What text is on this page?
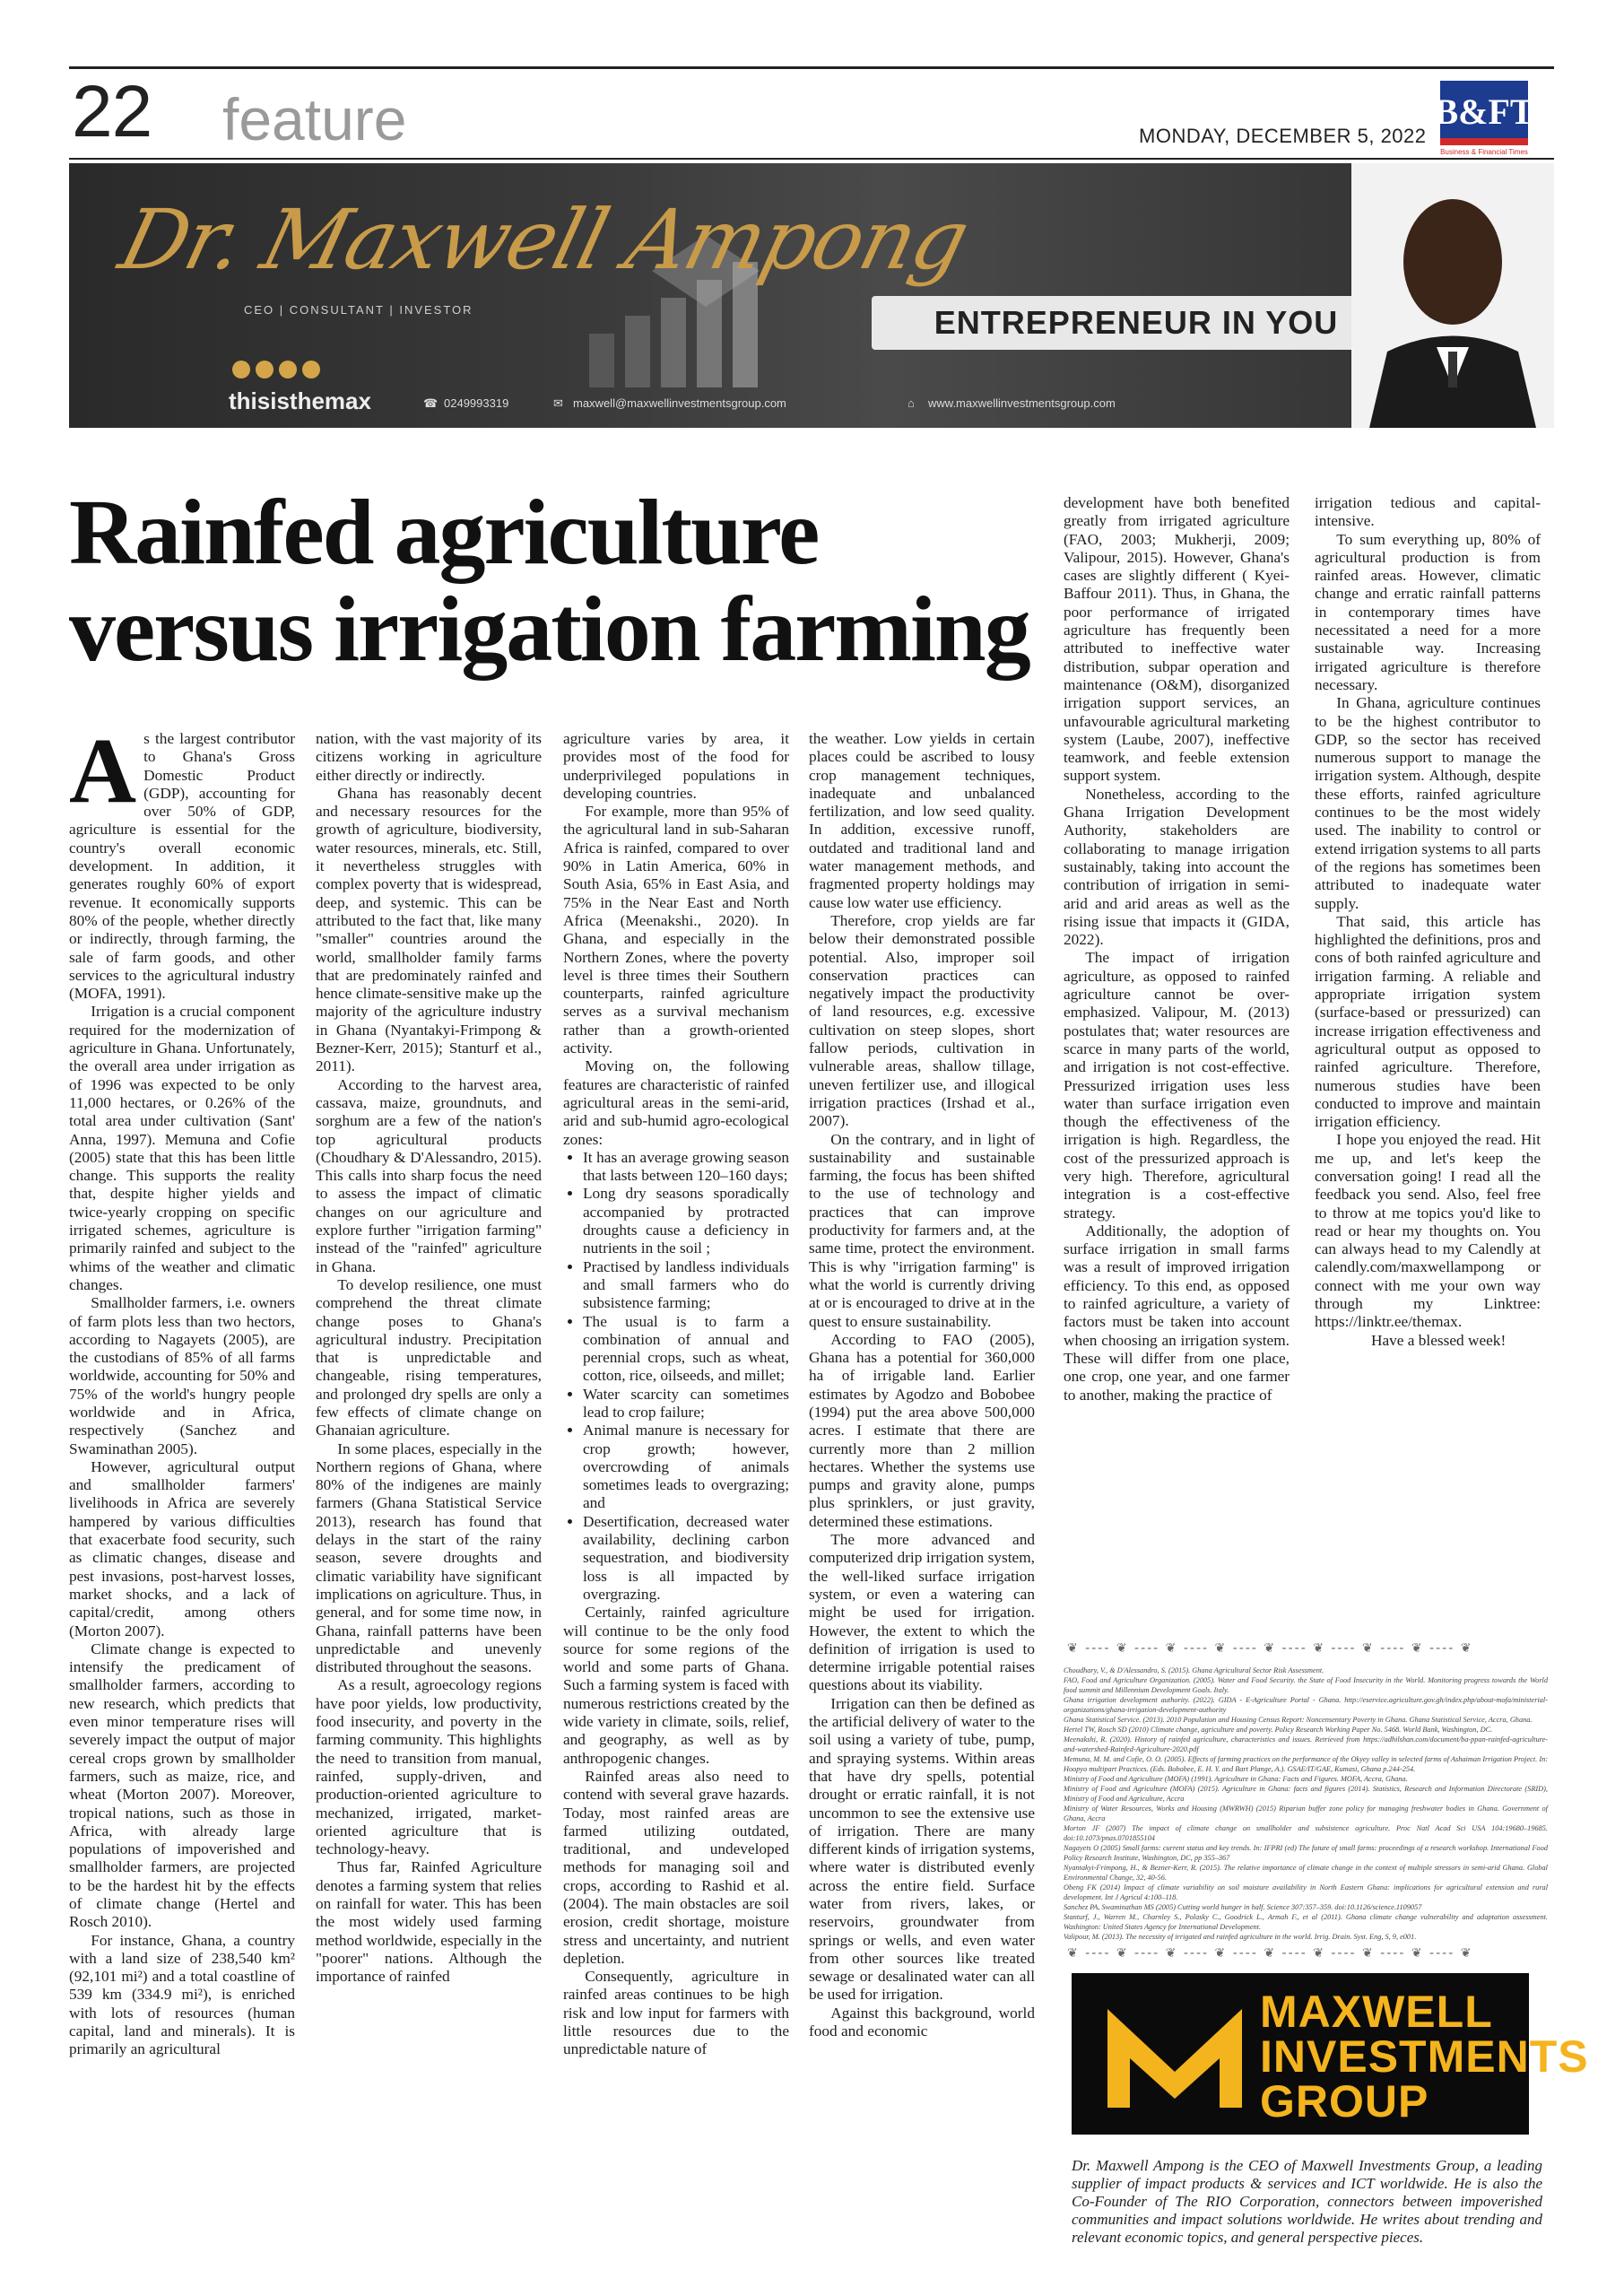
22 feature	MONDAY, DECEMBER 5, 2022
B&FT
Business & Financial Times
Dr. Maxwell Ampong
CEO | CONSULTANT | INVESTOR
thisisthemax	☎ 0249993319	✉ maxwell@maxwellinvestmentsgroup.com	⌂ www.maxwellinvestmentsgroup.com
ENTREPRENEUR IN YOU
Rainfed agriculture
versus irrigation farming

As the largest contributor to Ghana's Gross Domestic Product (GDP), accounting for over 50% of GDP, agriculture is essential for the country's overall economic development. In addition, it generates roughly 60% of export revenue. It economically supports 80% of the people, whether directly or indirectly, through farming, the sale of farm goods, and other services to the agricultural industry (MOFA, 1991).

Irrigation is a crucial component required for the modernization of agriculture in Ghana. Unfortunately, the overall area under irrigation as of 1996 was expected to be only 11,000 hectares, or 0.26% of the total area under cultivation (Sant' Anna, 1997). Memuna and Cofie (2005) state that this has been little change. This supports the reality that, despite higher yields and twice-yearly cropping on specific irrigated schemes, agriculture is primarily rainfed and subject to the whims of the weather and climatic changes.

Smallholder farmers, i.e. owners of farm plots less than two hectors, according to Nagayets (2005), are the custodians of 85% of all farms worldwide, accounting for 50% and 75% of the world's hungry people worldwide and in Africa, respectively (Sanchez and Swaminathan 2005).

However, agricultural output and smallholder farmers' livelihoods in Africa are severely hampered by various difficulties that exacerbate food security, such as climatic changes, disease and pest invasions, post-harvest losses, market shocks, and a lack of capital/credit, among others (Morton 2007).

Climate change is expected to intensify the predicament of smallholder farmers, according to new research, which predicts that even minor temperature rises will severely impact the output of major cereal crops grown by smallholder farmers, such as maize, rice, and wheat (Morton 2007). Moreover, tropical nations, such as those in Africa, with already large populations of impoverished and smallholder farmers, are projected to be the hardest hit by the effects of climate change (Hertel and Rosch 2010).

For instance, Ghana, a country with a land size of 238,540 km² (92,101 mi²) and a total coastline of 539 km (334.9 mi²), is enriched with lots of resources (human capital, land and minerals). It is primarily an agricultural

nation, with the vast majority of its citizens working in agriculture either directly or indirectly.

Ghana has reasonably decent and necessary resources for the growth of agriculture, biodiversity, water resources, minerals, etc. Still, it nevertheless struggles with complex poverty that is widespread, deep, and systemic. This can be attributed to the fact that, like many "smaller" countries around the world, smallholder family farms that are predominately rainfed and hence climate-sensitive make up the majority of the agriculture industry in Ghana (Nyantakyi-Frimpong & Bezner-Kerr, 2015); Stanturf et al., 2011).

According to the harvest area, cassava, maize, groundnuts, and sorghum are a few of the nation's top agricultural products (Choudhary & D'Alessandro, 2015). This calls into sharp focus the need to assess the impact of climatic changes on our agriculture and explore further "irrigation farming" instead of the "rainfed" agriculture in Ghana.

To develop resilience, one must comprehend the threat climate change poses to Ghana's agricultural industry. Precipitation that is unpredictable and changeable, rising temperatures, and prolonged dry spells are only a few effects of climate change on Ghanaian agriculture.

In some places, especially in the Northern regions of Ghana, where 80% of the indigenes are mainly farmers (Ghana Statistical Service 2013), research has found that delays in the start of the rainy season, severe droughts and climatic variability have significant implications on agriculture. Thus, in general, and for some time now, in Ghana, rainfall patterns have been unpredictable and unevenly distributed throughout the seasons.

As a result, agroecology regions have poor yields, low productivity, food insecurity, and poverty in the farming community. This highlights the need to transition from manual, rainfed, supply-driven, and production-oriented agriculture to mechanized, irrigated, market-oriented agriculture that is technology-heavy.

Thus far, Rainfed Agriculture denotes a farming system that relies on rainfall for water. This has been the most widely used farming method worldwide, especially in the "poorer" nations. Although the importance of rainfed

agriculture varies by area, it provides most of the food for underprivileged populations in developing countries.

For example, more than 95% of the agricultural land in sub-Saharan Africa is rainfed, compared to over 90% in Latin America, 60% in South Asia, 65% in East Asia, and 75% in the Near East and North Africa (Meenakshi., 2020). In Ghana, and especially in the Northern Zones, where the poverty level is three times their Southern counterparts, rainfed agriculture serves as a survival mechanism rather than a growth-oriented activity.

Moving on, the following features are characteristic of rainfed agricultural areas in the semi-arid, arid and sub-humid agro-ecological zones:

• It has an average growing season that lasts between 120–160 days;
• Long dry seasons sporadically accompanied by protracted droughts cause a deficiency in nutrients in the soil ;
• Practised by landless individuals and small farmers who do subsistence farming;
• The usual is to farm a combination of annual and perennial crops, such as wheat, cotton, rice, oilseeds, and millet;
• Water scarcity can sometimes lead to crop failure;
• Animal manure is necessary for crop growth; however, overcrowding of animals sometimes leads to overgrazing; and
• Desertification, decreased water availability, declining carbon sequestration, and biodiversity loss is all impacted by overgrazing.

Certainly, rainfed agriculture will continue to be the only food source for some regions of the world and some parts of Ghana. Such a farming system is faced with numerous restrictions created by the wide variety in climate, soils, relief, and geography, as well as by anthropogenic changes.

Rainfed areas also need to contend with several grave hazards. Today, most rainfed areas are farmed utilizing outdated, traditional, and undeveloped methods for managing soil and crops, according to Rashid et al. (2004). The main obstacles are soil erosion, credit shortage, moisture stress and uncertainty, and nutrient depletion.

Consequently, agriculture in rainfed areas continues to be high risk and low input for farmers with little resources due to the unpredictable nature of

the weather. Low yields in certain places could be ascribed to lousy crop management techniques, inadequate and unbalanced fertilization, and low seed quality. In addition, excessive runoff, outdated and traditional land and water management methods, and fragmented property holdings may cause low water use efficiency.

Therefore, crop yields are far below their demonstrated possible potential. Also, improper soil conservation practices can negatively impact the productivity of land resources, e.g. excessive cultivation on steep slopes, short fallow periods, cultivation in vulnerable areas, shallow tillage, uneven fertilizer use, and illogical irrigation practices (Irshad et al., 2007).

On the contrary, and in light of sustainability and sustainable farming, the focus has been shifted to the use of technology and practices that can improve productivity for farmers and, at the same time, protect the environment. This is why "irrigation farming" is what the world is currently driving at or is encouraged to drive at in the quest to ensure sustainability.

According to FAO (2005), Ghana has a potential for 360,000 ha of irrigable land. Earlier estimates by Agodzo and Bobobee (1994) put the area above 500,000 acres. I estimate that there are currently more than 2 million hectares. Whether the systems use pumps and gravity alone, pumps plus sprinklers, or just gravity, determined these estimations.

The more advanced and computerized drip irrigation system, the well-liked surface irrigation system, or even a watering can might be used for irrigation. However, the extent to which the definition of irrigation is used to determine irrigable potential raises questions about its viability.

Irrigation can then be defined as the artificial delivery of water to the soil using a variety of tube, pump, and spraying systems. Within areas that have dry spells, potential drought or erratic rainfall, it is not uncommon to see the extensive use of irrigation. There are many different kinds of irrigation systems, where water is distributed evenly across the entire field. Surface water from rivers, lakes, or reservoirs, groundwater from springs or wells, and even water from other sources like treated sewage or desalinated water can all be used for irrigation.

Against this background, world food and economic

development have both benefited greatly from irrigated agriculture (FAO, 2003; Mukherji, 2009; Valipour, 2015). However, Ghana's cases are slightly different ( Kyei-Baffour 2011). Thus, in Ghana, the poor performance of irrigated agriculture has frequently been attributed to ineffective water distribution, subpar operation and maintenance (O&M), disorganized irrigation support services, an unfavourable agricultural marketing system (Laube, 2007), ineffective teamwork, and feeble extension support system.

Nonetheless, according to the Ghana Irrigation Development Authority, stakeholders are collaborating to manage irrigation sustainably, taking into account the contribution of irrigation in semi-arid and arid areas as well as the rising issue that impacts it (GIDA, 2022).

The impact of irrigation agriculture, as opposed to rainfed agriculture cannot be over-emphasized. Valipour, M. (2013) postulates that; water resources are scarce in many parts of the world, and irrigation is not cost-effective. Pressurized irrigation uses less water than surface irrigation even though the effectiveness of the irrigation is high. Regardless, the cost of the pressurized approach is very high. Therefore, agricultural integration is a cost-effective strategy.

Additionally, the adoption of surface irrigation in small farms was a result of improved irrigation efficiency. To this end, as opposed to rainfed agriculture, a variety of factors must be taken into account when choosing an irrigation system. These will differ from one place, one crop, one year, and one farmer to another, making the practice of

irrigation tedious and capital-intensive.

To sum everything up, 80% of agricultural production is from rainfed areas. However, climatic change and erratic rainfall patterns in contemporary times have necessitated a need for a more sustainable way. Increasing irrigated agriculture is therefore necessary.

In Ghana, agriculture continues to be the highest contributor to GDP, so the sector has received numerous support to manage the irrigation system. Although, despite these efforts, rainfed agriculture continues to be the most widely used. The inability to control or extend irrigation systems to all parts of the regions has sometimes been attributed to inadequate water supply.

That said, this article has highlighted the definitions, pros and cons of both rainfed agriculture and irrigation farming. A reliable and appropriate irrigation system (surface-based or pressurized) can increase irrigation effectiveness and agricultural output as opposed to rainfed agriculture. Therefore, numerous studies have been conducted to improve and maintain irrigation efficiency.

I hope you enjoyed the read. Hit me up, and let's keep the conversation going! I read all the feedback you send. Also, feel free to throw at me topics you'd like to read or hear my thoughts on. You can always head to my Calendly at calendly.com/maxwellampong or connect with me your own way through my Linktree: https://linktr.ee/themax.

Have a blessed week!

❦ ---- ❦ ---- ❦ ---- ❦ ---- ❦ ---- ❦ ---- ❦ ---- ❦ ---- ❦

Choudhary, V., & D'Alessandro, S. (2015). Ghana Agricultural Sector Risk Assessment.

FAO, Food and Agriculture Organization. (2005). Water and Food Security. the State of Food Insecurity in the World. Monitoring progress towards the World food summit and Millennium Development Goals. Italy.

Ghana irrigation development authority. (2022). GIDA - E-Agriculture Portal - Ghana. http://eservice.agriculture.gov.gh/index.php/about-mofa/ministerial-organizations/ghana-irrigation-development-authority

Ghana Statistical Service. (2013). 2010 Population and Housing Census Report: Noncensentary Poverty in Ghana. Ghana Statistical Service, Accra, Ghana.

Hertel TW, Rosch SD (2010) Climate change, agriculture and poverty. Policy Research Working Paper No. 5468. World Bank, Washington, DC.

Meenakshi, R. (2020). History of rainfed agriculture, characteristics and issues. Retrieved from https://adhilshan.com/document/ba-ppan-rainfed-agriculture-and-watershed-Rainfed-Agriculture-2020.pdf

Memuna, M. M. and Cofie, O. O. (2005). Effects of farming practices on the performance of the Okyey valley in selected farms of Ashaiman Irrigation Project. In: Hoopyo multipart Practices. (Eds. Bobobee, E. H. Y. and Bart Plange, A.). GSAE/IT/GAE, Kumasi, Ghana p.244-254.

Ministry of Food and Agriculture (MOFA) (1991). Agriculture in Ghana: Facts and Figures. MOFA, Accra, Ghana.

Ministry of Food and Agriculture (MOFA) (2015). Agriculture in Ghana: facts and figures (2014). Statistics, Research and Information Directorate (SRID), Ministry of Food and Agriculture, Accra

Ministry of Water Resources, Works and Housing (MWRWH) (2015) Riparian buffer zone policy for managing freshwater bodies in Ghana. Government of Ghana, Accra

Morton JF (2007) The impact of climate change on smallholder and subsistence agriculture. Proc Natl Acad Sci USA 104:19680–19685. doi:10.1073/pnas.0701855104

Nagayets O (2005) Small farms: current status and key trends. In: IFPRI (ed) The future of small farms: proceedings of a research workshop. International Food Policy Research Institute, Washington, DC, pp 355–367

Nyantakyi-Frimpong, H., & Bezner-Kerr, R. (2015). The relative importance of climate change in the context of multiple stressors in semi-arid Ghana. Global Environmental Change, 32, 40-56.

Obeng FK (2014) Impact of climate variability on soil moisture availability in North Eastern Ghana: implications for agricultural extension and rural development. Int J Agricul 4:100–118.

Sanchez PA, Swaminathan MS (2005) Cutting world hunger in half. Science 307:357–359. doi:10.1126/science.1109057

Stanturf, J., Warren M., Charnley S., Polasky C., Goodrick L., Armah F., et al (2011). Ghana climate change vulnerability and adaptation assessment. Washington: United States Agency for International Development.

Valipour, M. (2013). The necessity of irrigated and rainfed agriculture in the world. Irrig. Drain. Syst. Eng, S, 9, e001.

❦ ---- ❦ ---- ❦ ---- ❦ ---- ❦ ---- ❦ ---- ❦ ---- ❦ ---- ❦
MAXWELL
INVESTMENTS
GROUP
Dr. Maxwell Ampong is the CEO of Maxwell Investments Group, a leading supplier of impact products & services and ICT worldwide. He is also the Co-Founder of The RIO Corporation, connectors between impoverished communities and impact solutions worldwide. He writes about trending and relevant economic topics, and general perspective pieces.
